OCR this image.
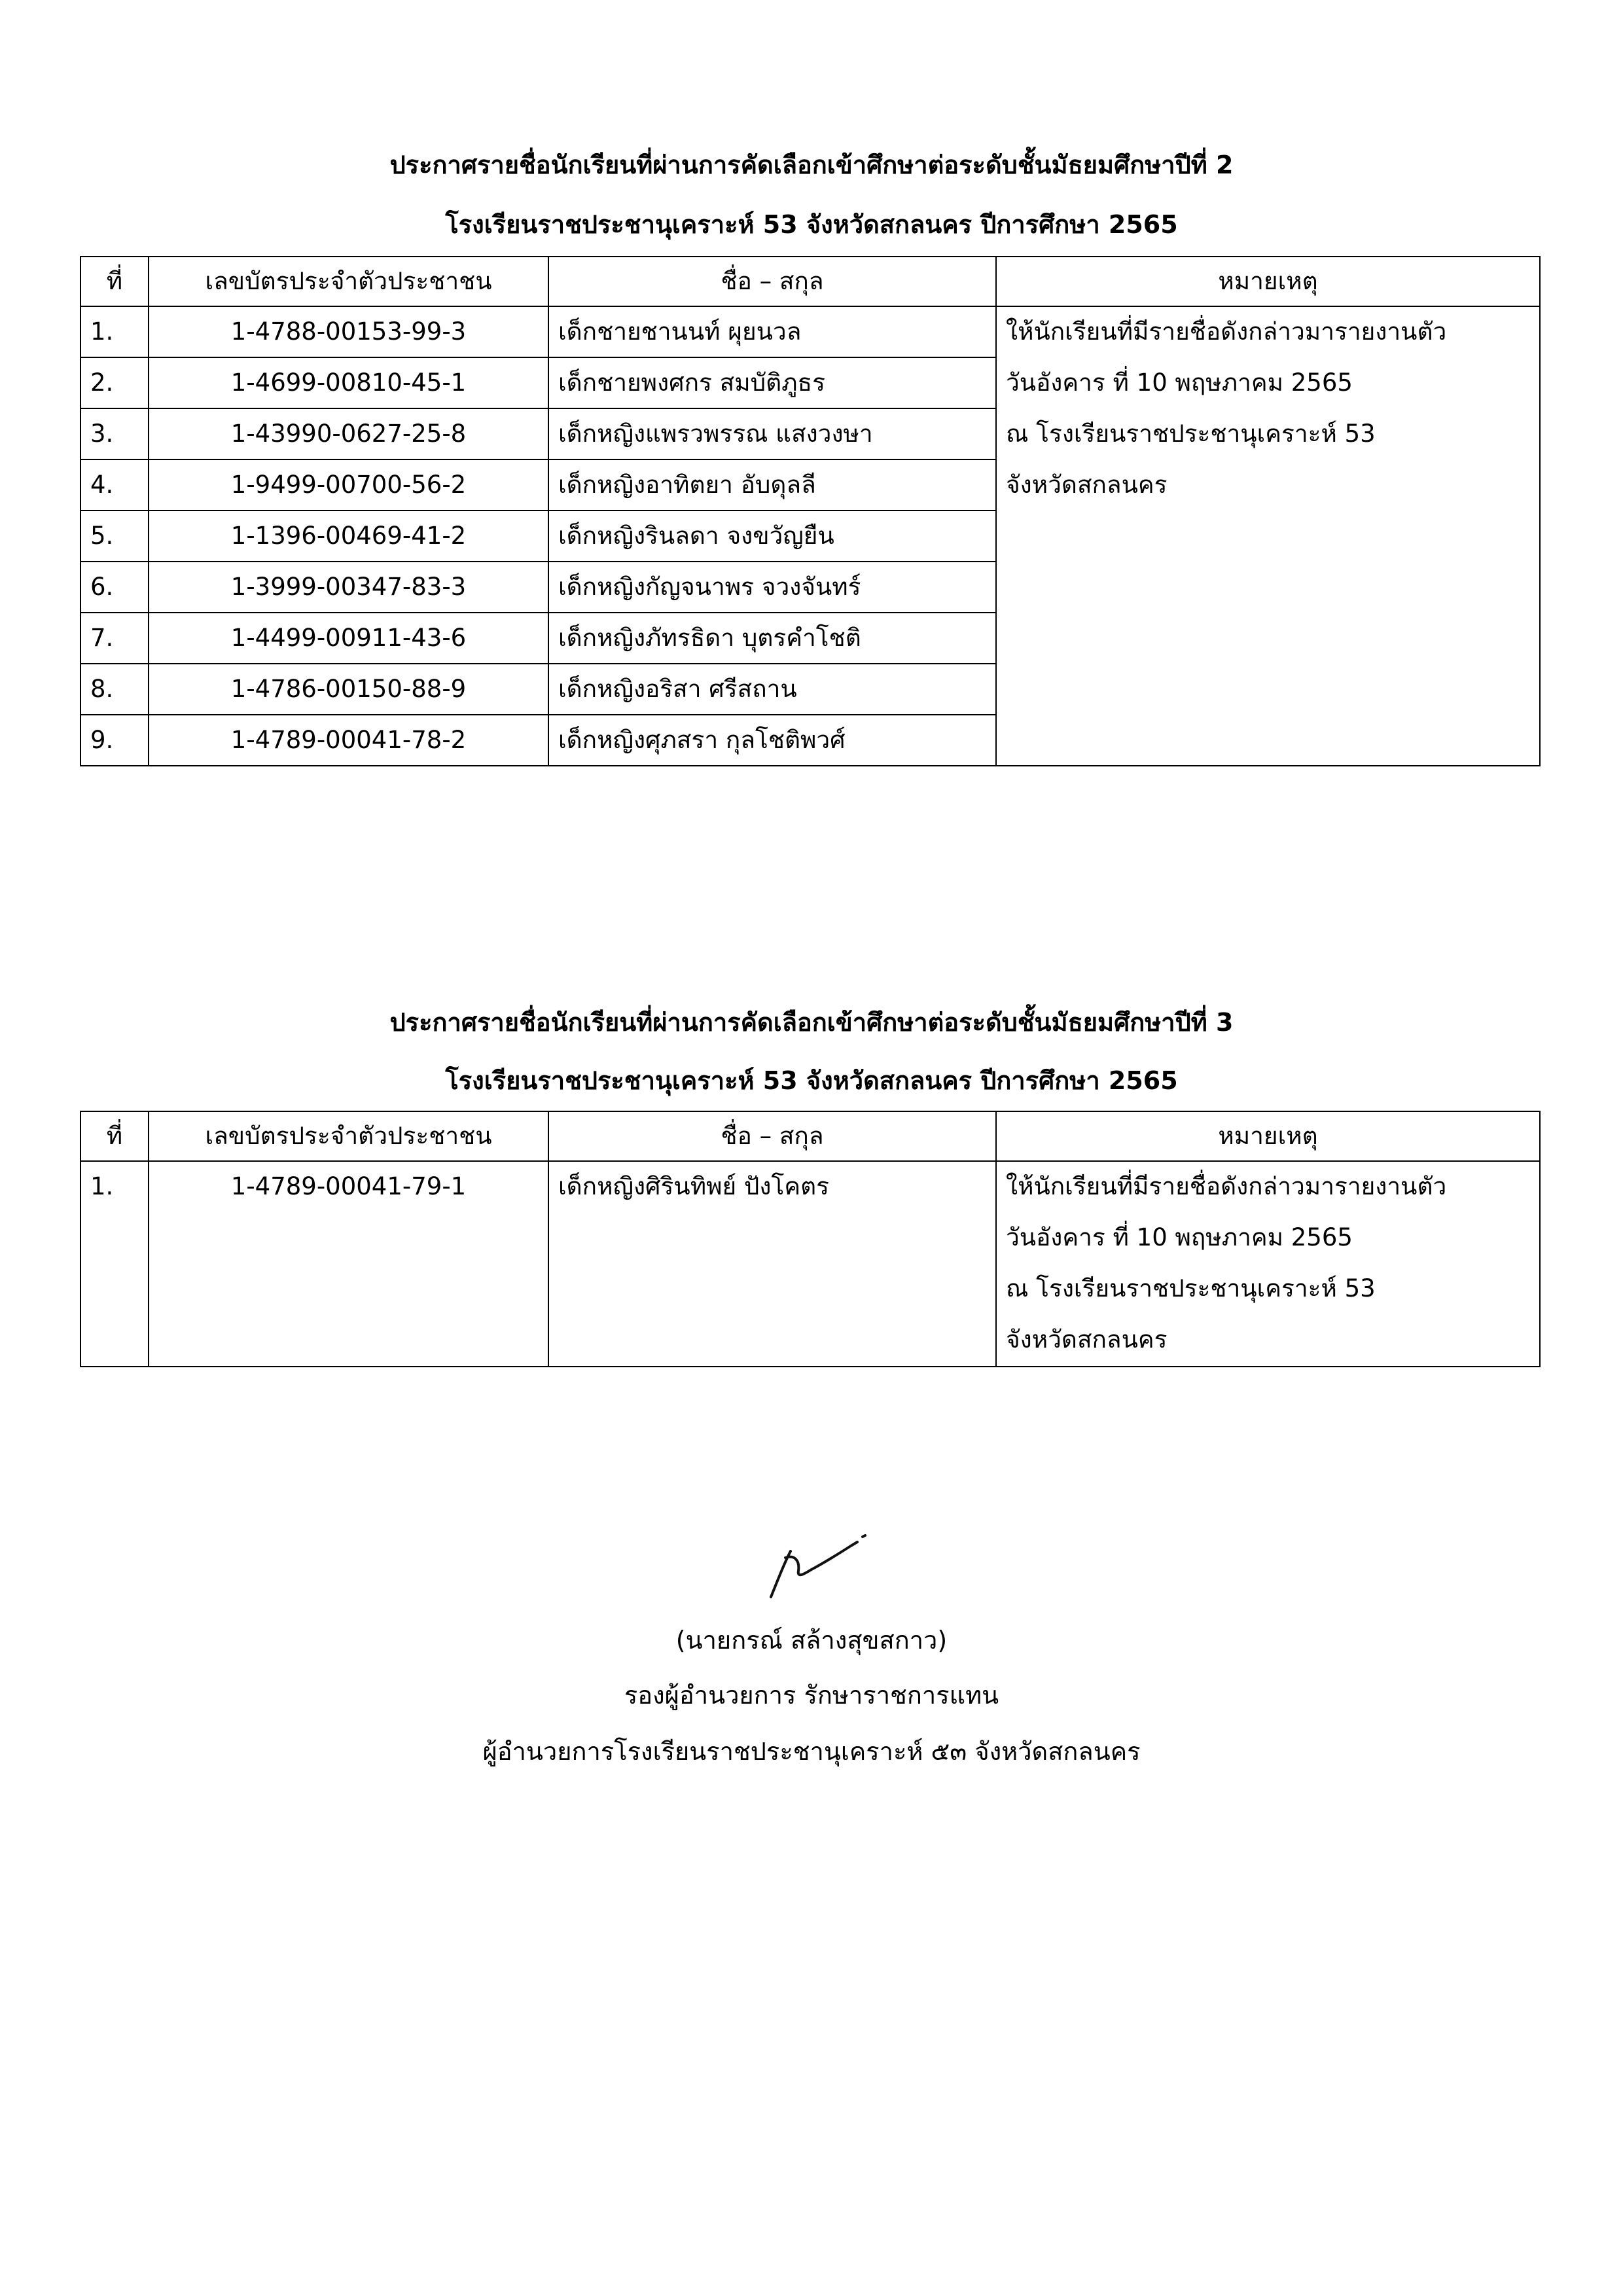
ประกาศรายชื่อนักเรียนที่ผ่านการคัดเลือกเข้าศึกษาต่อระดับชั้นมัธยมศึกษาปีที่ 2
โรงเรียนราชประชานุเคราะห์ 53 จังหวัดสกลนคร ปีการศึกษา 2565
ที่	เลขบัตรประจำตัวประชาชน	ชื่อ – สกุล	หมายเหตุ
1.	1-4788-00153-99-3	เด็กชายชานนท์ ผุยนวล	ให้นักเรียนที่มีรายชื่อดังกล่าวมารายงานตัว
วันอังคาร ที่ 10 พฤษภาคม 2565
ณ โรงเรียนราชประชานุเคราะห์ 53
จังหวัดสกลนคร

2.	1-4699-00810-45-1	เด็กชายพงศกร สมบัติภูธร	
3.	1-43990-0627-25-8	เด็กหญิงแพรวพรรณ แสงวงษา	
4.	1-9499-00700-56-2	เด็กหญิงอาทิตยา อับดุลลี	
5.	1-1396-00469-41-2	เด็กหญิงรินลดา จงขวัญยืน	
6.	1-3999-00347-83-3	เด็กหญิงกัญจนาพร จวงจันทร์	
7.	1-4499-00911-43-6	เด็กหญิงภัทรธิดา บุตรคำโชติ	
8.	1-4786-00150-88-9	เด็กหญิงอริสา ศรีสถาน	
9.	1-4789-00041-78-2	เด็กหญิงศุภสรา กุลโชติพวศ์	
ประกาศรายชื่อนักเรียนที่ผ่านการคัดเลือกเข้าศึกษาต่อระดับชั้นมัธยมศึกษาปีที่ 3
โรงเรียนราชประชานุเคราะห์ 53 จังหวัดสกลนคร ปีการศึกษา 2565
ที่	เลขบัตรประจำตัวประชาชน	ชื่อ – สกุล	หมายเหตุ
1.	1-4789-00041-79-1	เด็กหญิงศิรินทิพย์ ปังโคตร	ให้นักเรียนที่มีรายชื่อดังกล่าวมารายงานตัว
วันอังคาร ที่ 10 พฤษภาคม 2565
ณ โรงเรียนราชประชานุเคราะห์ 53
จังหวัดสกลนคร
(นายกรณ์ สล้างสุขสกาว)
รองผู้อำนวยการ รักษาราชการแทน
ผู้อำนวยการโรงเรียนราชประชานุเคราะห์ ๕๓ จังหวัดสกลนคร
